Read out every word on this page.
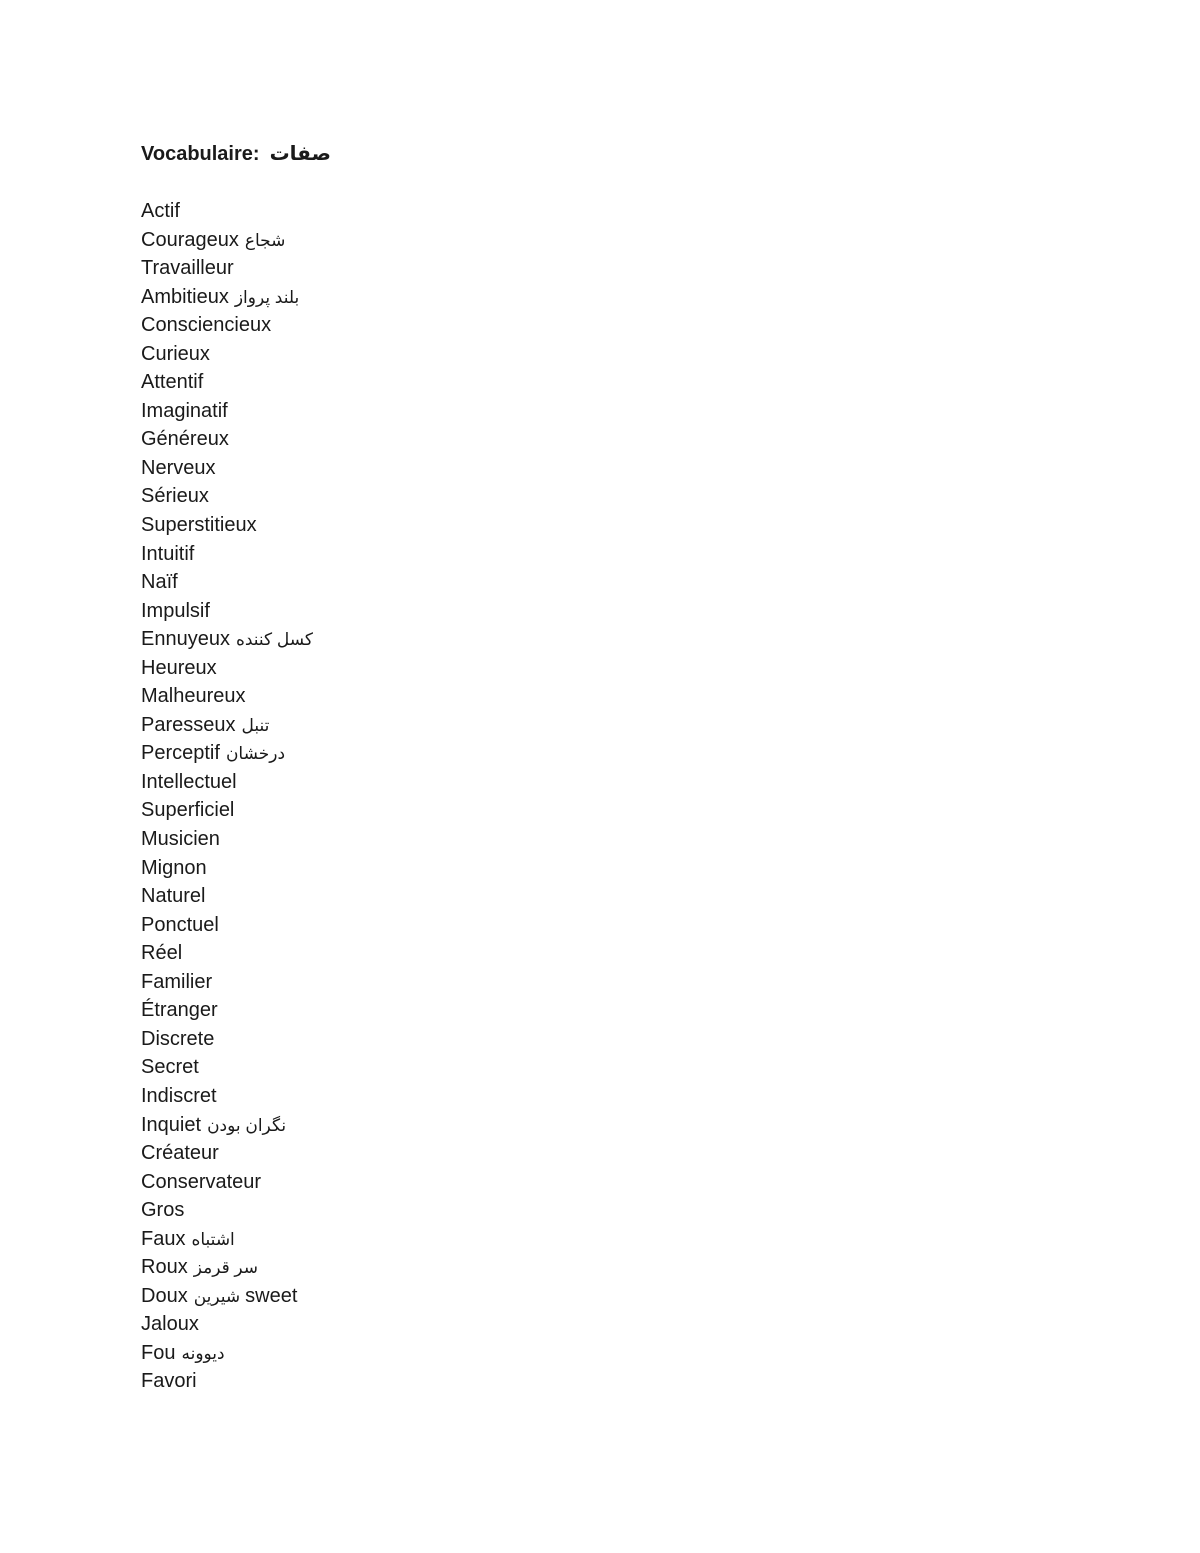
Vocabulaire: صفات
Actif
Courageux شجاع
Travailleur
Ambitieux بلند پرواز
Consciencieux
Curieux
Attentif
Imaginatif
Généreux
Nerveux
Sérieux
Superstitieux
Intuitif
Naïf
Impulsif
Ennuyeux کسل کننده
Heureux
Malheureux
Paresseux تنبل
Perceptif درخشان
Intellectuel
Superficiel
Musicien
Mignon
Naturel
Ponctuel
Réel
Familier
Étranger
Discrete
Secret
Indiscret
Inquiet نگران بودن
Créateur
Conservateur
Gros
Faux اشتباه
Roux سر قرمز
Doux شیرین sweet
Jaloux
Fou دیوونه
Favori
